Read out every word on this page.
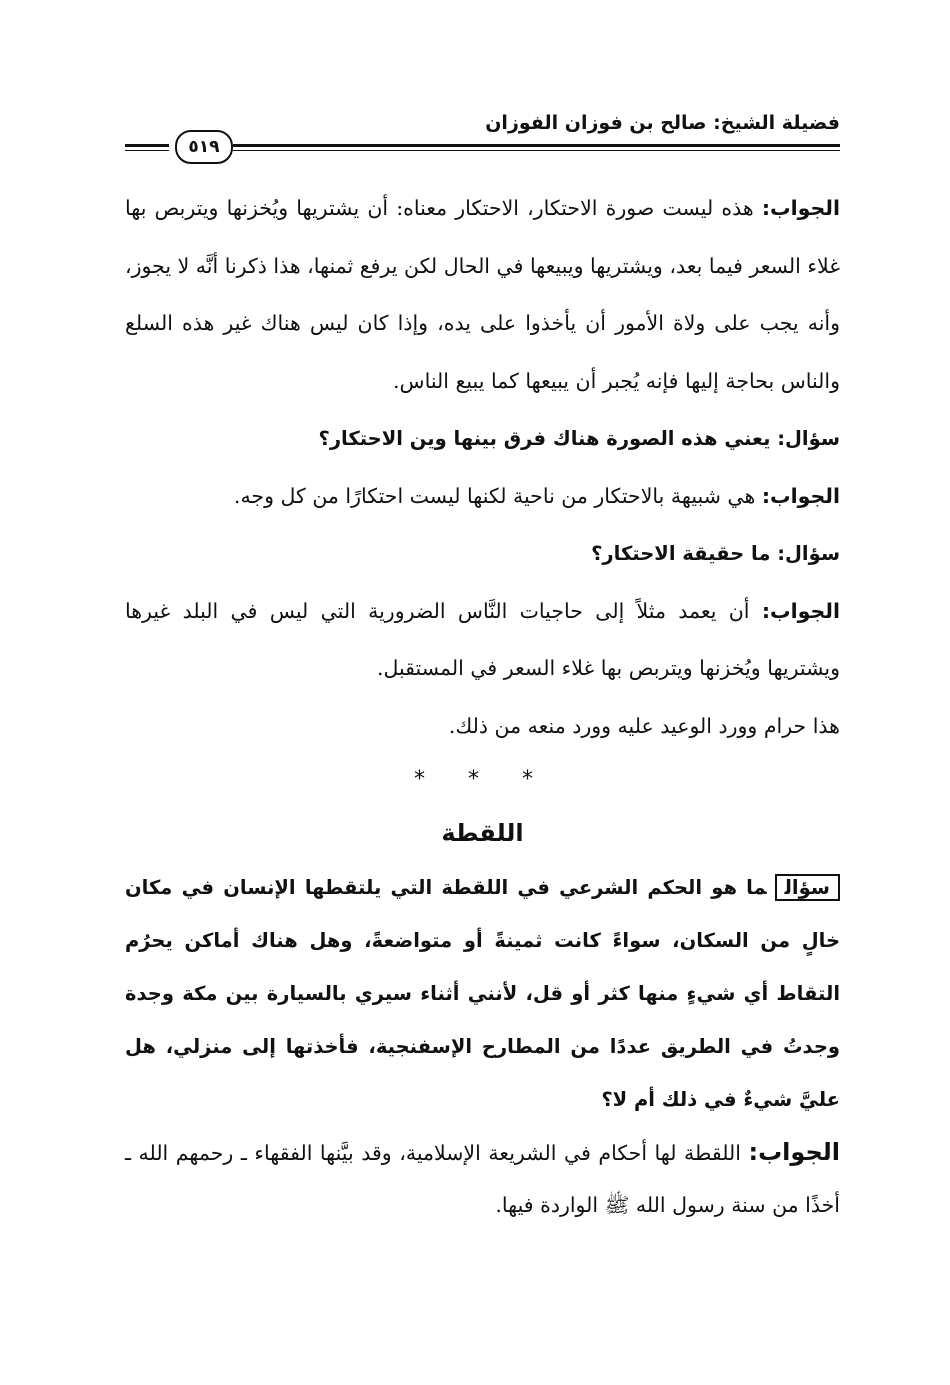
٥١٩
فضيلة الشيخ: صالح بن فوزان الفوزان

الجواب: هذه ليست صورة الاحتكار، الاحتكار معناه: أن يشتريها ويُخزنها ويتربص بها غلاء السعر فيما بعد، ويشتريها ويبيعها في الحال لكن يرفع ثمنها، هذا ذكرنا أنَّه لا يجوز، وأنه يجب على ولاة الأمور أن يأخذوا على يده، وإذا كان ليس هناك غير هذه السلع والناس بحاجة إليها فإنه يُجبر أن يبيعها كما يبيع الناس.

سؤال: يعني هذه الصورة هناك فرق بينها وين الاحتكار؟

الجواب: هي شبيهة بالاحتكار من ناحية لكنها ليست احتكارًا من كل وجه.

سؤال: ما حقيقة الاحتكار؟

الجواب: أن يعمد مثلاً إلى حاجيات النَّاس الضرورية التي ليس في البلد غيرها ويشتريها ويُخزنها ويتربص بها غلاء السعر في المستقبل.

هذا حرام وورد الوعيد عليه وورد منعه من ذلك.

* * *
اللقطة

سؤالما هو الحكم الشرعي في اللقطة التي يلتقطها الإنسان في مكان خالٍ من السكان، سواءً كانت ثمينةً أو متواضعةً، وهل هناك أماكن يحرُم التقاط أي شيءٍ منها كثر أو قل، لأنني أثناء سيري بالسيارة بين مكة وجدة وجدتُ في الطريق عددًا من المطارح الإسفنجية، فأخذتها إلى منزلي، هل عليَّ شيءٌ في ذلك أم لا؟

الجواب: اللقطة لها أحكام في الشريعة الإسلامية، وقد بيَّنها الفقهاء ـ رحمهم الله ـ أخذًا من سنة رسول الله ﷺ الواردة فيها.
